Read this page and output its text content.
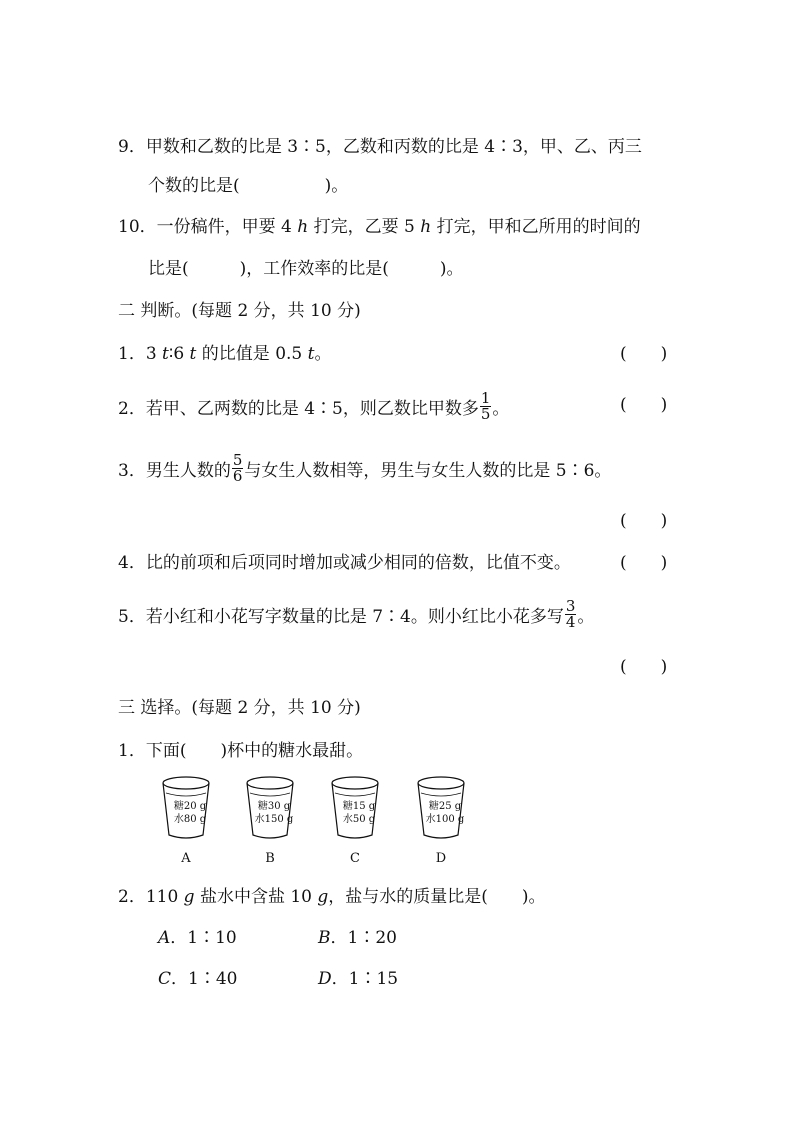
9．甲数和乙数的比是 3∶5，乙数和丙数的比是 4∶3，甲、乙、丙三
个数的比是(　　　　　)。
10．一份稿件，甲要 4 h 打完，乙要 5 h 打完，甲和乙所用的时间的
比是(　　　)，工作效率的比是(　　　)。
二 判断。(每题 2 分，共 10 分)
1．3 t∶6 t 的比值是 0.5 t。	(　　)
2．若甲、乙两数的比是 4∶5，则乙数比甲数多 $\frac{1}{5}$ 。	(　　)
3．男生人数的 $\frac{5}{6}$ 与女生人数相等，男生与女生人数的比是 5∶6。
(　　)
4．比的前项和后项同时增加或减少相同的倍数，比值不变。	(　　)
5．若小红和小花写字数量的比是 7∶4。则小红比小花多写 $\frac{3}{4}$ 。
(　　)
三 选择。(每题 2 分，共 10 分)
1．下面(　　)杯中的糖水最甜。
糖20 g
水80 g
A
糖30 g
水150 g
B
糖15 g
水50 g
C
糖25 g
水100 g
D
2．110 g 盐水中含盐 10 g，盐与水的质量比是(　　)。
A．1∶10	B．1∶20
C．1∶40	D．1∶15
